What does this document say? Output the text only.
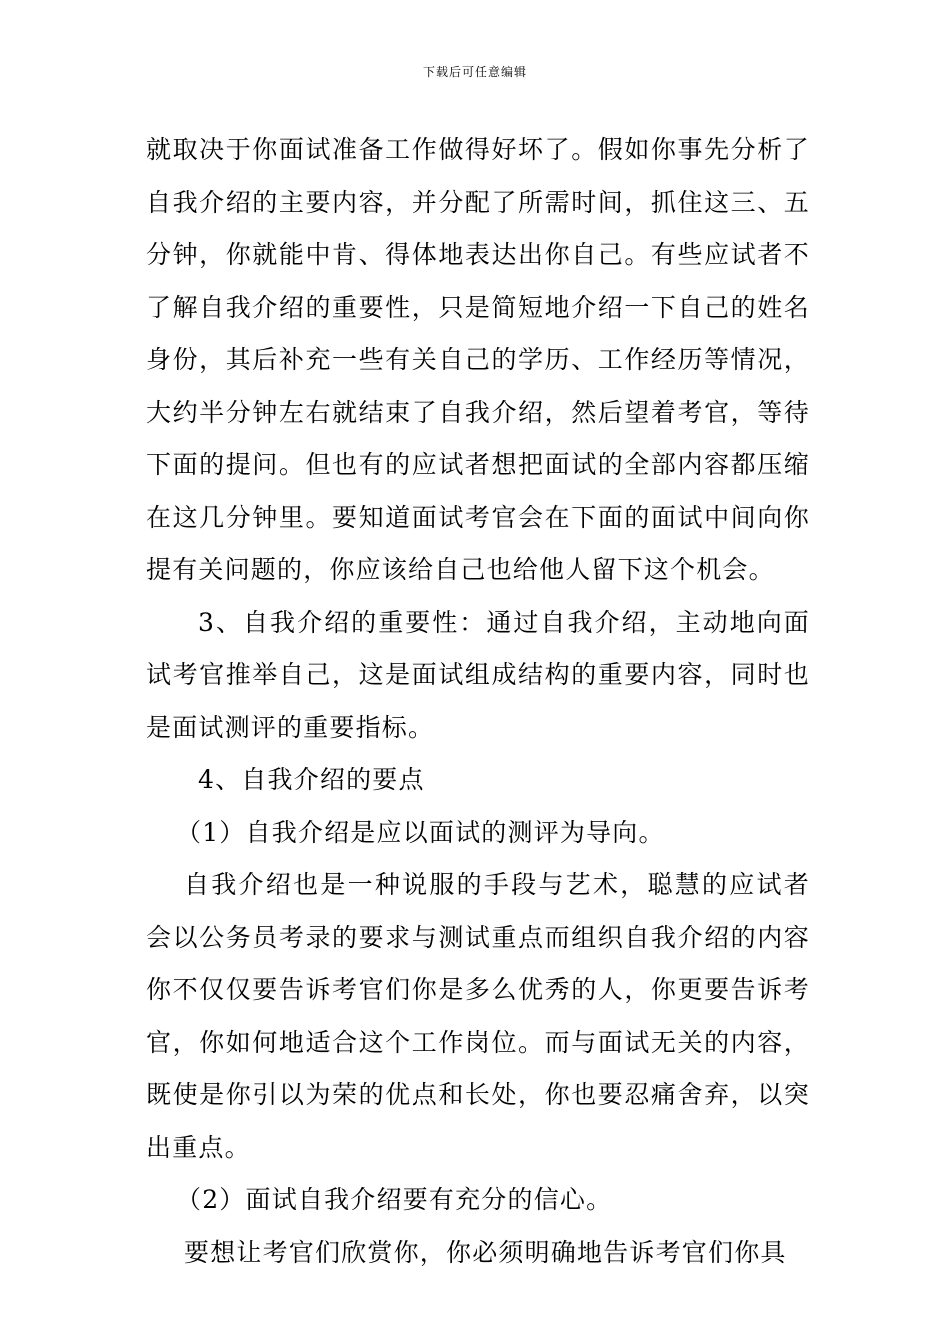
下载后可任意编辑

就取决于你面试准备工作做得好坏了。假如你事先分析了自我介绍的主要内容，并分配了所需时间，抓住这三、五分钟，你就能中肯、得体地表达出你自己。有些应试者不了解自我介绍的重要性，只是简短地介绍一下自己的姓名身份，其后补充一些有关自己的学历、工作经历等情况，大约半分钟左右就结束了自我介绍，然后望着考官，等待下面的提问。但也有的应试者想把面试的全部内容都压缩在这几分钟里。要知道面试考官会在下面的面试中间向你提有关问题的，你应该给自己也给他人留下这个机会。

3、自我介绍的重要性：通过自我介绍，主动地向面试考官推举自己，这是面试组成结构的重要内容，同时也是面试测评的重要指标。

4、自我介绍的要点

（1）自我介绍是应以面试的测评为导向。

自我介绍也是一种说服的手段与艺术，聪慧的应试者会以公务员考录的要求与测试重点而组织自我介绍的内容你不仅仅要告诉考官们你是多么优秀的人，你更要告诉考官，你如何地适合这个工作岗位。而与面试无关的内容，既使是你引以为荣的优点和长处，你也要忍痛舍弃，以突出重点。

（2）面试自我介绍要有充分的信心。

要想让考官们欣赏你，你必须明确地告诉考官们你具
